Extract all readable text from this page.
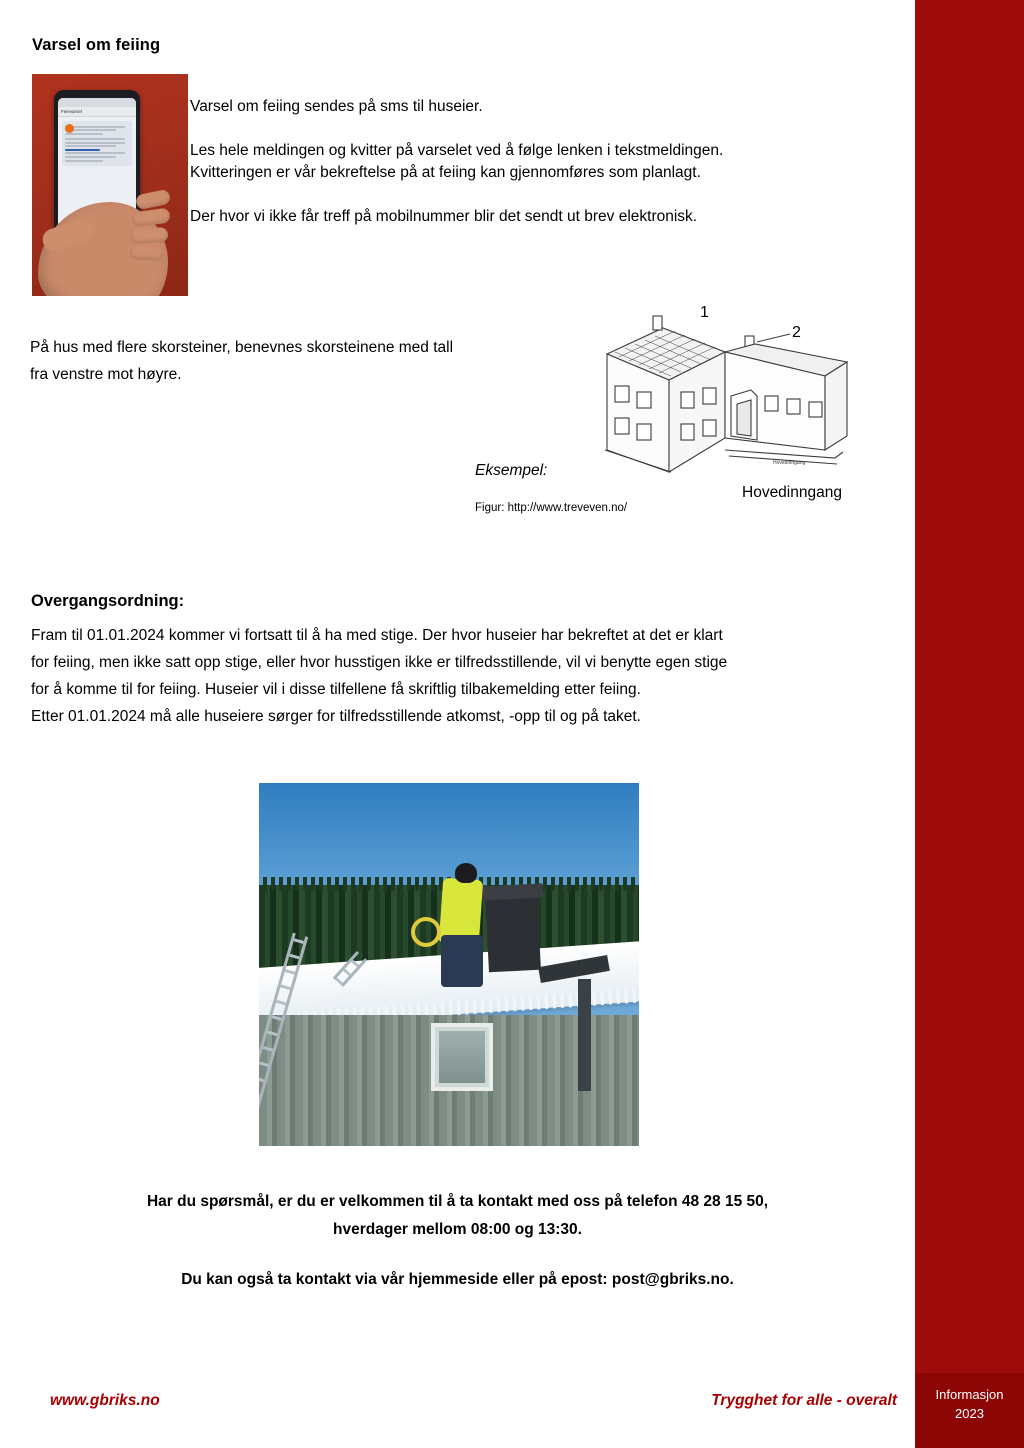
Informasjon
2023
Varsel om feiing
Feievarsel	Varsel om feiing sendes på sms til huseier.

Les hele meldingen og kvitter på varselet ved å følge lenken i tekstmeldingen.

Kvitteringen er vår bekreftelse på at feiing kan gjennomføres som planlagt.

Der hvor vi ikke får treff på mobilnummer blir det sendt ut brev elektronisk.

På hus med flere skorsteiner, benevnes skorsteinene med tall
fra venstre mot høyre.
1
2
Hovedinngang
Eksempel:
Figur: http://www.treveven.no/
Hovedinngang
Overgangsordning:

Fram til 01.01.2024 kommer vi fortsatt til å ha med stige. Der hvor huseier har bekreftet at det er klart

for feiing, men ikke satt opp stige, eller hvor husstigen ikke er tilfredsstillende, vil vi benytte egen stige

for å komme til for feiing. Huseier vil i disse tilfellene få skriftlig tilbakemelding etter feiing.

Etter 01.01.2024 må alle huseiere sørger for tilfredsstillende atkomst, -opp til og på taket.

Har du spørsmål, er du er velkommen til å ta kontakt med oss på telefon 48 28 15 50,
hverdager mellom 08:00 og 13:30.
Du kan også ta kontakt via vår hjemmeside eller på epost: post@gbriks.no.
www.gbriks.no	Trygghet for alle - overalt
